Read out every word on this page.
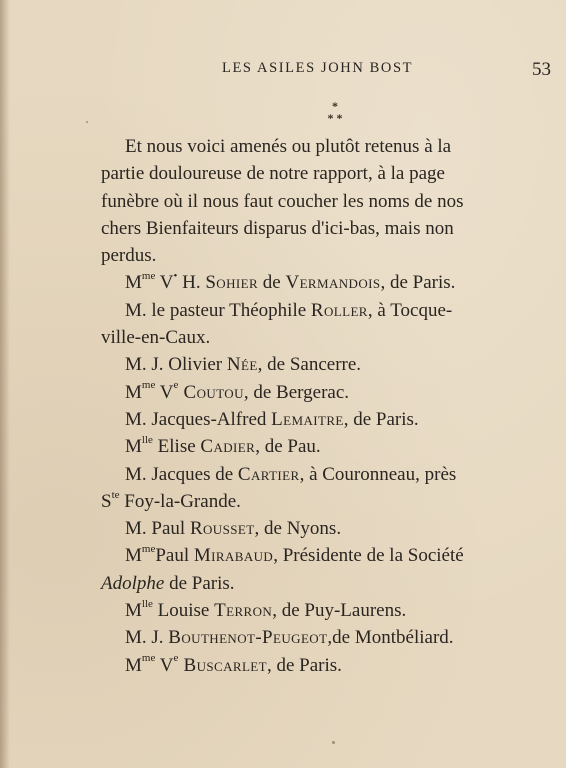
LES ASILES JOHN BOST	53
*
* *
Et nous voici amenés ou plutôt retenus à la
partie douloureuse de notre rapport, à la page
funèbre où il nous faut coucher les noms de nos
chers Bienfaiteurs disparus d'ici-bas, mais non
perdus.
$M^{me}$ V• H. Sohier de Vermandois, de Paris.
M. le pasteur Théophile Roller, à Tocque-
ville-en-Caux.
M. J. Olivier Née, de Sancerre.
$M^{me}$ Ve Coutou, de Bergerac.
M. Jacques-Alfred Lemaitre, de Paris.
$M^{lle}$ Elise Cadier, de Pau.
M. Jacques de Cartier, à Couronneau, près
$S^{te}$ Foy-la-Grande.
M. Paul Rousset, de Nyons.
$M^{me}Paul$ Mirabaud, Présidente de la Société
Adolphe de Paris.
$M^{lle}$ Louise Terron, de Puy-Laurens.
M. J. Bouthenot-Peugeot,de Montbéliard.
$M^{me}$ Ve Buscarlet, de Paris.
